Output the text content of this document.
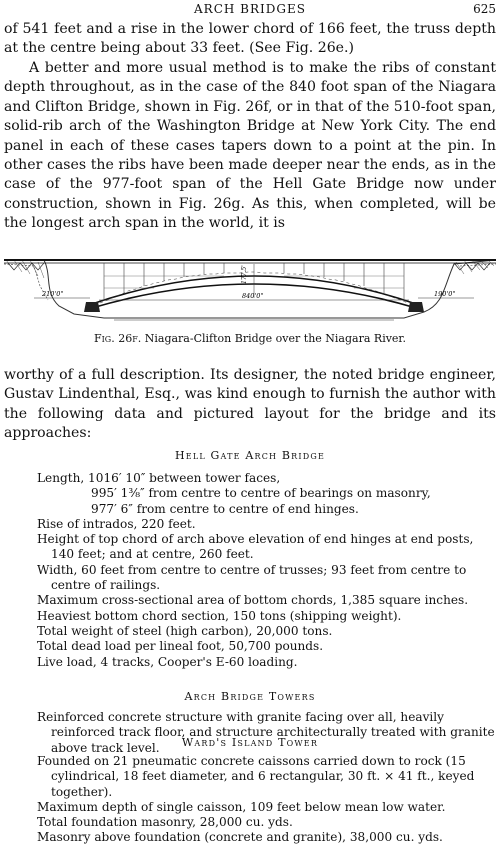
ARCH BRIDGES	625

of 541 feet and a rise in the lower chord of 166 feet, the truss depth at the centre being about 33 feet. (See Fig. 26e.)

A better and more usual method is to make the ribs of constant depth throughout, as in the case of the 840 foot span of the Niagara and Clifton Bridge, shown in Fig. 26f, or in that of the 510-foot span, solid-rib arch of the Washington Bridge at New York City. The end panel in each of these cases tapers down to a point at the pin. In other cases the ribs have been made deeper near the ends, as in the case of the 977-foot span of the Hell Gate Bridge now under construction, shown in Fig. 26g. As this, when completed, will be the longest arch span in the world, it is

210'0"
177.5'
840'0"	190'0"
Fig. 26f. Niagara-Clifton Bridge over the Niagara River.

worthy of a full description. Its designer, the noted bridge engineer, Gustav Lindenthal, Esq., was kind enough to furnish the author with the following data and pictured layout for the bridge and its approaches:

Hell Gate Arch Bridge

Length, 1016′ 10″ between tower faces,

995′ 1⅜″ from centre to centre of bearings on masonry,

977′ 6″ from centre to centre of end hinges.

Rise of intrados, 220 feet.

Height of top chord of arch above elevation of end hinges at end posts, 140 feet; and at centre, 260 feet.

Width, 60 feet from centre to centre of trusses; 93 feet from centre to centre of railings.

Maximum cross-sectional area of bottom chords, 1,385 square inches.

Heaviest bottom chord section, 150 tons (shipping weight).

Total weight of steel (high carbon), 20,000 tons.

Total dead load per lineal foot, 50,700 pounds.

Live load, 4 tracks, Cooper's E-60 loading.

Arch Bridge Towers

Reinforced concrete structure with granite facing over all, heavily reinforced track floor, and structure architecturally treated with granite above track level.	Ward's Island Tower

Founded on 21 pneumatic concrete caissons carried down to rock (15 cylindrical, 18 feet diameter, and 6 rectangular, 30 ft. × 41 ft., keyed together).

Maximum depth of single caisson, 109 feet below mean low water.

Total foundation masonry, 28,000 cu. yds.

Masonry above foundation (concrete and granite), 38,000 cu. yds.
